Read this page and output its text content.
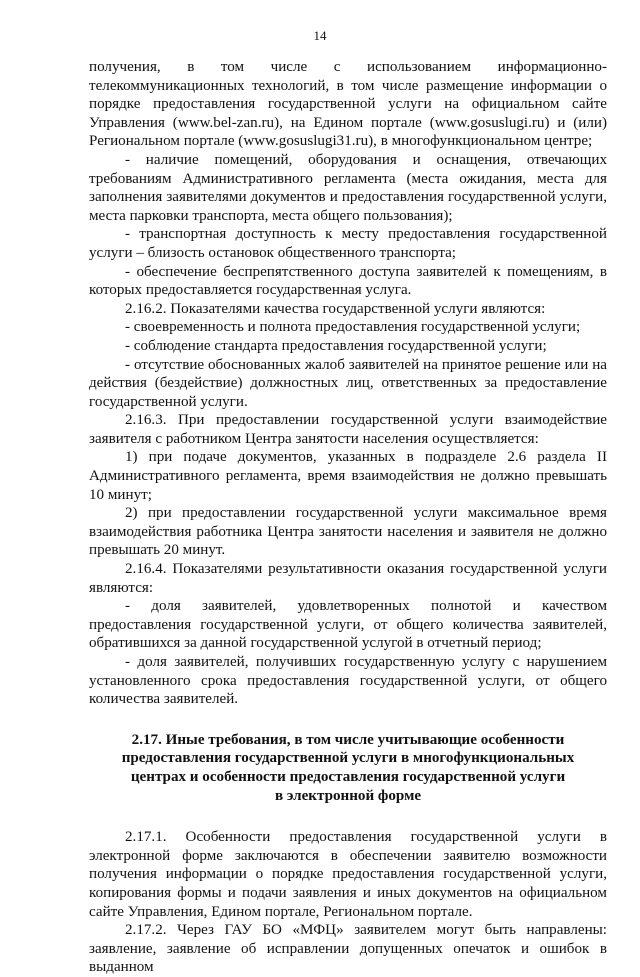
14

получения, в том числе с использованием информационно-телекоммуникационных технологий, в том числе размещение информации о порядке предоставления государственной услуги на официальном сайте Управления (www.bel-zan.ru), на Едином портале (www.gosuslugi.ru) и (или) Региональном портале (www.gosuslugi31.ru), в многофункциональном центре;

- наличие помещений, оборудования и оснащения, отвечающих требованиям Административного регламента (места ожидания, места для заполнения заявителями документов и предоставления государственной услуги, места парковки транспорта, места общего пользования);

- транспортная доступность к месту предоставления государственной услуги – близость остановок общественного транспорта;

- обеспечение беспрепятственного доступа заявителей к помещениям, в которых предоставляется государственная услуга.

2.16.2. Показателями качества государственной услуги являются:

- своевременность и полнота предоставления государственной услуги;

- соблюдение стандарта предоставления государственной услуги;

- отсутствие обоснованных жалоб заявителей на принятое решение или на действия (бездействие) должностных лиц, ответственных за предоставление государственной услуги.

2.16.3. При предоставлении государственной услуги взаимодействие заявителя с работником Центра занятости населения осуществляется:

1) при подаче документов, указанных в подразделе 2.6 раздела II Административного регламента, время взаимодействия не должно превышать 10 минут;

2) при предоставлении государственной услуги максимальное время взаимодействия работника Центра занятости населения и заявителя не должно превышать 20 минут.

2.16.4. Показателями результативности оказания государственной услуги являются:

- доля заявителей, удовлетворенных полнотой и качеством предоставления государственной услуги, от общего количества заявителей, обратившихся за данной государственной услугой в отчетный период;

- доля заявителей, получивших государственную услугу с нарушением установленного срока предоставления государственной услуги, от общего количества заявителей.

2.17. Иные требования, в том числе учитывающие особенности
предоставления государственной услуги в многофункциональных
центрах и особенности предоставления государственной услуги
в электронной форме

2.17.1. Особенности предоставления государственной услуги в электронной форме заключаются в обеспечении заявителю возможности получения информации о порядке предоставления государственной услуги, копирования формы и подачи заявления и иных документов на официальном сайте Управления, Едином портале, Региональном портале.

2.17.2. Через ГАУ БО «МФЦ» заявителем могут быть направлены: заявление, заявление об исправлении допущенных опечаток и ошибок в выданном
